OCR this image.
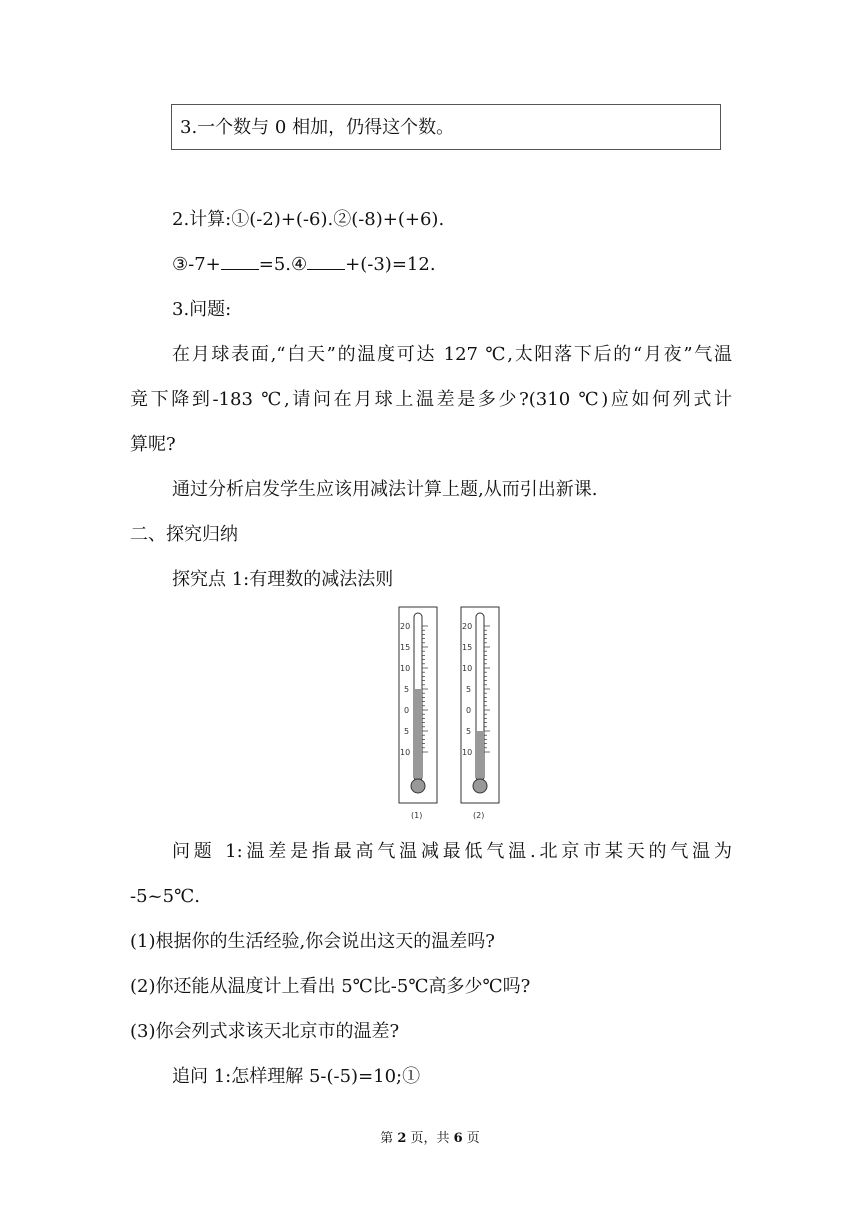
3.一个数与 0 相加，仍得这个数。
2.计算:①(-2)+(-6).②(-8)+(+6).
③-7+ =5.④ +(-3)=12.
3.问题:
在月球表面,“白天”的温度可达 127 ℃,太阳落下后的“月夜”气温
竟下降到-183 ℃,请问在月球上温差是多少?(310 ℃)应如何列式计
算呢?
通过分析启发学生应该用减法计算上题,从而引出新课.
二、探究归纳
探究点 1:有理数的减法法则
20
15
10
5
0
5
10
(1)
20
15
10
5
0
5
10
(2)
问题 1:温差是指最高气温减最低气温.北京市某天的气温为
-5~5℃.
(1)根据你的生活经验,你会说出这天的温差吗?
(2)你还能从温度计上看出 5℃比-5℃高多少℃吗?
(3)你会列式求该天北京市的温差?
追问 1:怎样理解 5-(-5)=10;①
第 2 页，共 6 页
